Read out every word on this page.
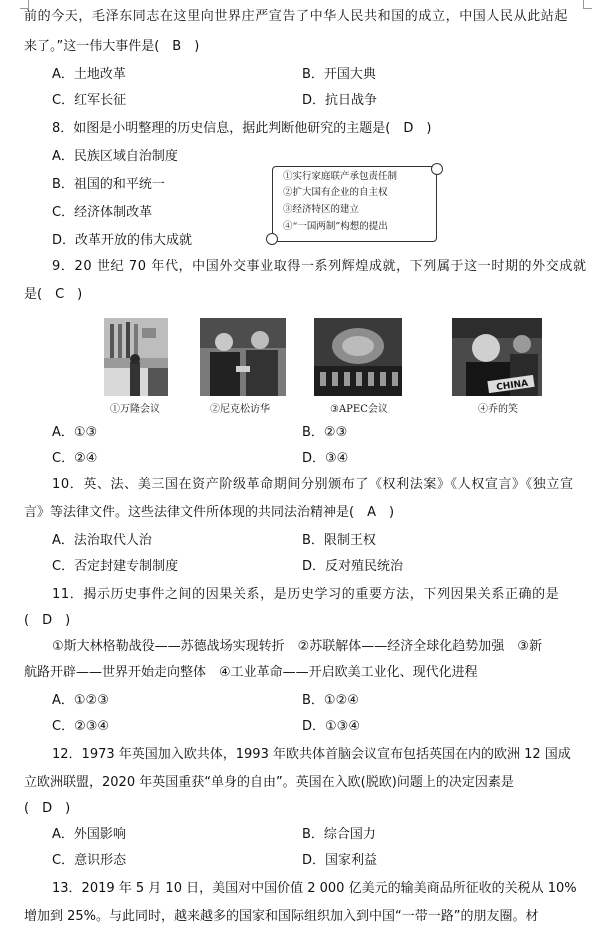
前的今天，毛泽东同志在这里向世界庄严宣告了中华人民共和国的成立，中国人民从此站起
来了。”这一伟大事件是(　B　)
A．土地改革	B．开国大典
C．红军长征	D．抗日战争
8．如图是小明整理的历史信息，据此判断他研究的主题是(　D　)
A．民族区域自治制度
B．祖国的和平统一
C．经济体制改革
D．改革开放的伟大成就
①实行家庭联产承包责任制
②扩大国有企业的自主权
③经济特区的建立
④“一国两制”构想的提出
9．20 世纪 70 年代，中国外交事业取得一系列辉煌成就，下列属于这一时期的外交成就
是(　C　)
CHINA
①万隆会议	②尼克松访华	③APEC会议	④乔的笑
A．①③	B．②③
C．②④	D．③④
10．英、法、美三国在资产阶级革命期间分别颁布了《权利法案》《人权宣言》《独立宣
言》等法律文件。这些法律文件所体现的共同法治精神是(　A　)
A．法治取代人治	B．限制王权
C．否定封建专制制度	D．反对殖民统治
11．揭示历史事件之间的因果关系，是历史学习的重要方法，下列因果关系正确的是
(　D　)
①斯大林格勒战役——苏德战场实现转折　②苏联解体——经济全球化趋势加强　③新
航路开辟——世界开始走向整体　④工业革命——开启欧美工业化、现代化进程
A．①②③	B．①②④
C．②③④	D．①③④
12．1973 年英国加入欧共体，1993 年欧共体首脑会议宣布包括英国在内的欧洲 12 国成
立欧洲联盟，2020 年英国重获“单身的自由”。英国在入欧(脱欧)问题上的决定因素是
(　D　)
A．外国影响	B．综合国力
C．意识形态	D．国家利益
13．2019 年 5 月 10 日，美国对中国价值 2 000 亿美元的输美商品所征收的关税从 10%
增加到 25%。与此同时，越来越多的国家和国际组织加入到中国“一带一路”的朋友圈。材
